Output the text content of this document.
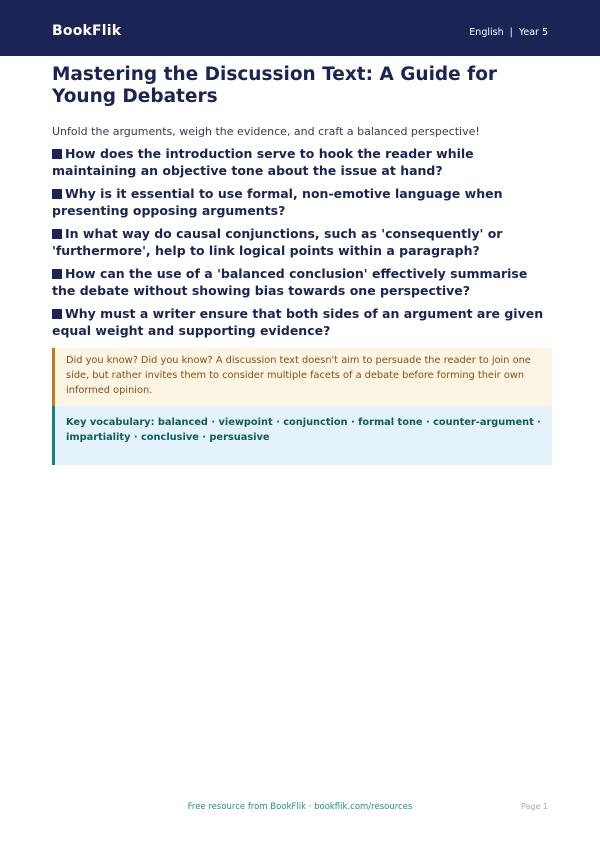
BookFlik	English | Year 5
Mastering the Discussion Text: A Guide for Young Debaters

Unfold the arguments, weigh the evidence, and craft a balanced perspective!

How does the introduction serve to hook the reader while maintaining an objective tone about the issue at hand?
Why is it essential to use formal, non-emotive language when presenting opposing arguments?
In what way do causal conjunctions, such as 'consequently' or 'furthermore', help to link logical points within a paragraph?
How can the use of a 'balanced conclusion' effectively summarise the debate without showing bias towards one perspective?
Why must a writer ensure that both sides of an argument are given equal weight and supporting evidence?
Did you know? Did you know? A discussion text doesn't aim to persuade the reader to join one side, but rather invites them to consider multiple facets of a debate before forming their own informed opinion.
Key vocabulary: balanced · viewpoint · conjunction · formal tone · counter-argument · impartiality · conclusive · persuasive
Free resource from BookFlik · bookflik.com/resources	Page 1
